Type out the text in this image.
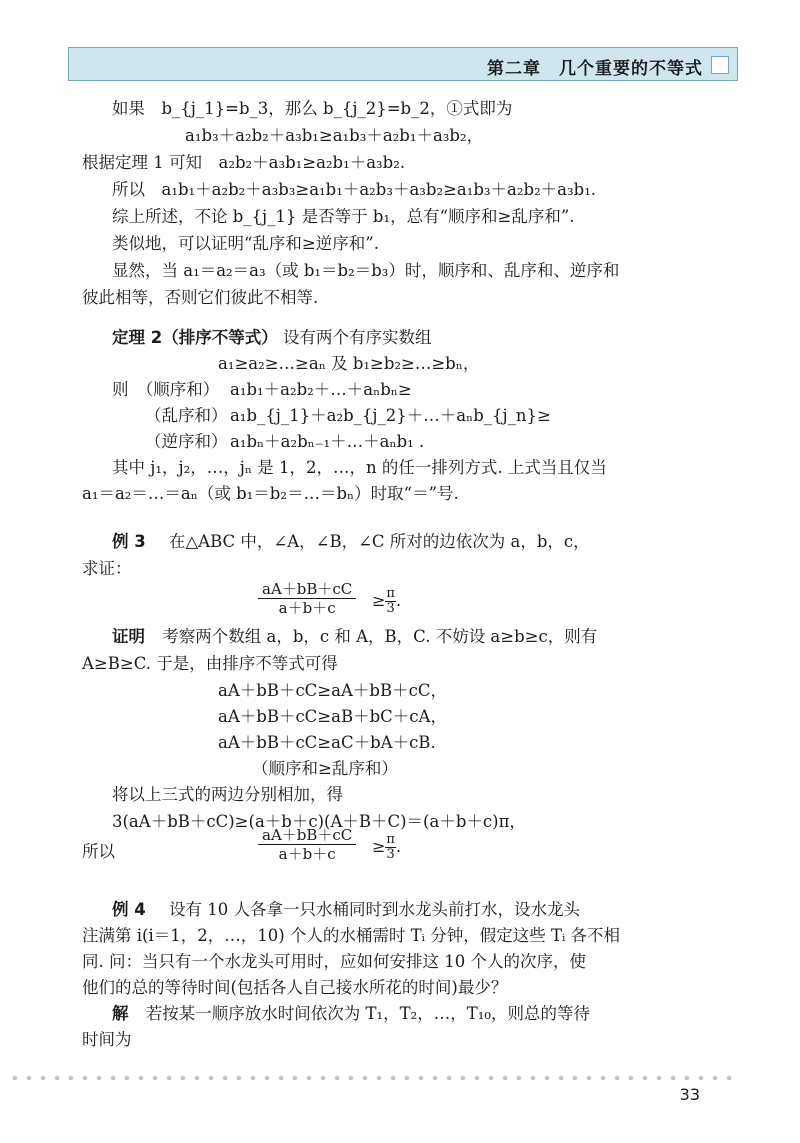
第二章　几个重要的不等式
如果　b_{j_1}=b_3，那么 b_{j_2}=b_2，①式即为
a₁b₃＋a₂b₂＋a₃b₁≥a₁b₃＋a₂b₁＋a₃b₂，
根据定理 1 可知　a₂b₂＋a₃b₁≥a₂b₁＋a₃b₂.
所以　a₁b₁＋a₂b₂＋a₃b₃≥a₁b₁＋a₂b₃＋a₃b₂≥a₁b₃＋a₂b₂＋a₃b₁.
综上所述，不论 b_{j_1} 是否等于 b₁，总有“顺序和≥乱序和”.
类似地，可以证明“乱序和≥逆序和”.
显然，当 a₁＝a₂＝a₃（或 b₁＝b₂＝b₃）时，顺序和、乱序和、逆序和
彼此相等，否则它们彼此不相等.
定理 2（排序不等式） 设有两个有序实数组
a₁≥a₂≥…≥aₙ 及 b₁≥b₂≥…≥bₙ，
则　（顺序和） a₁b₁＋a₂b₂＋…＋aₙbₙ≥
（乱序和） a₁b_{j_1}＋a₂b_{j_2}＋…＋aₙb_{j_n}≥
（逆序和） a₁bₙ＋a₂bₙ₋₁＋…＋aₙb₁ .
其中 j₁，j₂，…，jₙ 是 1，2，…，n 的任一排列方式. 上式当且仅当
a₁＝a₂＝…＝aₙ（或 b₁＝b₂＝…＝bₙ）时取“＝”号.
例 3 在△ABC 中，∠A，∠B，∠C 所对的边依次为 a，b，c，
求证：
$\frac{aA+bB+cC}{a+b+c} \ge \frac{\pi}{3}$ .
证明 考察两个数组 a，b，c 和 A，B，C. 不妨设 a≥b≥c，则有
A≥B≥C. 于是，由排序不等式可得
aA＋bB＋cC≥aA＋bB＋cC，
aA＋bB＋cC≥aB＋bC＋cA，
aA＋bB＋cC≥aC＋bA＋cB.
（顺序和≥乱序和）
将以上三式的两边分别相加，得
3(aA＋bB＋cC)≥(a＋b＋c)(A＋B＋C)＝(a＋b＋c)π，
所以	$\frac{aA+bB+cC}{a+b+c} \ge \frac{\pi}{3}$ .
例 4 设有 10 人各拿一只水桶同时到水龙头前打水，设水龙头
注满第 i(i＝1，2，…，10) 个人的水桶需时 Tᵢ 分钟，假定这些 Tᵢ 各不相
同. 问：当只有一个水龙头可用时，应如何安排这 10 个人的次序，使
他们的总的等待时间(包括各人自己接水所花的时间)最少？
解 若按某一顺序放水时间依次为 T₁，T₂，…，T₁₀，则总的等待
时间为
33
